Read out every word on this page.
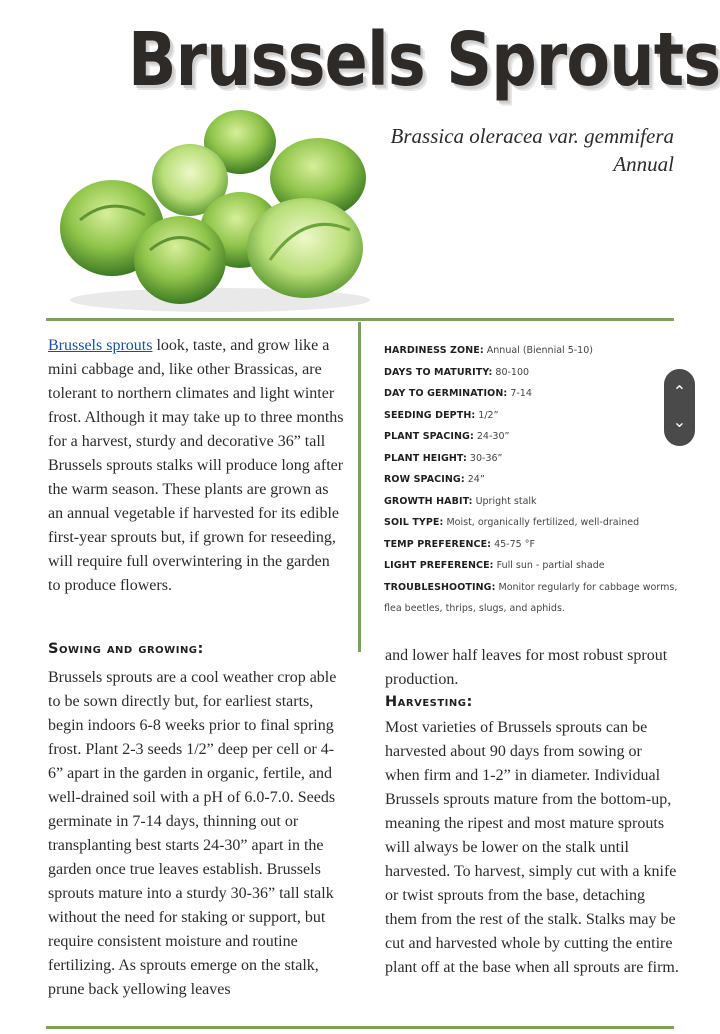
Brussels Sprouts
Brassica oleracea var. gemmifera
Annual
Brussels sprouts look, taste, and grow like a mini cabbage and, like other Brassicas, are tolerant to northern climates and light winter frost. Although it may take up to three months for a harvest, sturdy and decorative 36” tall Brussels sprouts stalks will produce long after the warm season. These plants are grown as an annual vegetable if harvested for its edible first-year sprouts but, if grown for reseeding, will require full overwintering in the garden to produce flowers.
Sowing and growing:
Brussels sprouts are a cool weather crop able to be sown directly but, for earliest starts, begin indoors 6-8 weeks prior to final spring frost. Plant 2-3 seeds 1/2” deep per cell or 4-6” apart in the garden in organic, fertile, and well-drained soil with a pH of 6.0-7.0. Seeds germinate in 7-14 days, thinning out or transplanting best starts 24-30” apart in the garden once true leaves establish. Brussels sprouts mature into a sturdy 30-36” tall stalk without the need for staking or support, but require consistent moisture and routine fertilizing. As sprouts emerge on the stalk, prune back yellowing leaves
HARDINESS ZONE: Annual (Biennial 5-10)
DAYS TO MATURITY: 80-100
DAY TO GERMINATION: 7-14
SEEDING DEPTH: 1/2”
PLANT SPACING: 24-30”
PLANT HEIGHT: 30-36”
ROW SPACING: 24”
GROWTH HABIT: Upright stalk
SOIL TYPE: Moist, organically fertilized, well-drained
TEMP PREFERENCE: 45-75 °F
LIGHT PREFERENCE: Full sun - partial shade
TROUBLESHOOTING: Monitor regularly for cabbage worms, flea beetles, thrips, slugs, and aphids.
and lower half leaves for most robust sprout production.
Harvesting:
Most varieties of Brussels sprouts can be harvested about 90 days from sowing or when firm and 1-2” in diameter. Individual Brussels sprouts mature from the bottom-up, meaning the ripest and most mature sprouts will always be lower on the stalk until harvested. To harvest, simply cut with a knife or twist sprouts from the base, detaching them from the rest of the stalk. Stalks may be cut and harvested whole by cutting the entire plant off at the base when all sprouts are firm.
⌃
⌄
